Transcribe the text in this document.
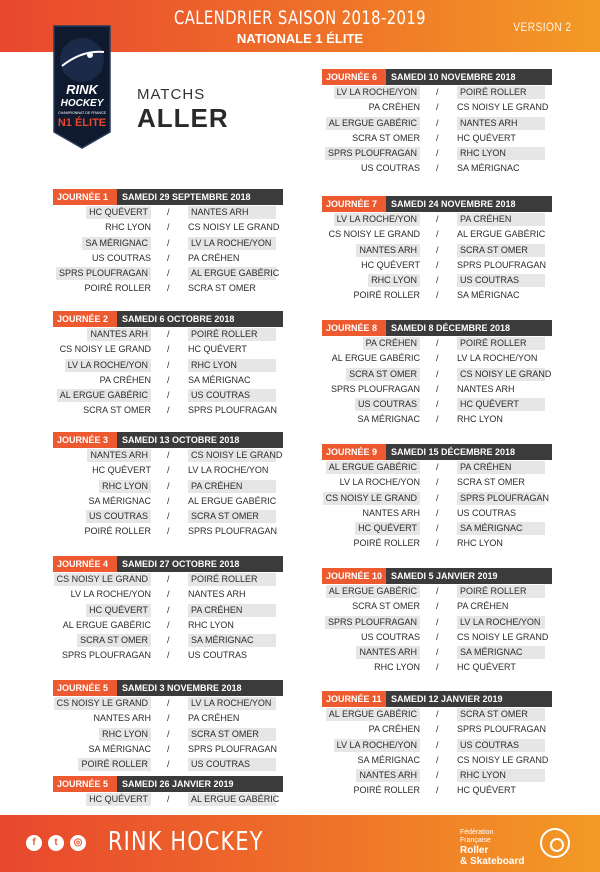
CALENDRIER SAISON 2018-2019
NATIONALE 1 ÉLITE
VERSION 2
RINK
HOCKEY
CHAMPIONNAT DE FRANCE
N1 ÉLITE
MATCHS
ALLER
JOURNÉE 1	SAMEDI 29 SEPTEMBRE 2018
HC QUÉVERT	/	NANTES ARH
RHC LYON / CS NOISY LE GRAND
SA MÉRIGNAC	/	LV LA ROCHE/YON
US COUTRAS / PA CRÉHEN
SPRS PLOUFRAGAN	/	AL ERGUE GABÉRIC
POIRÉ ROLLER / SCRA ST OMER
JOURNÉE 2	SAMEDI 6 OCTOBRE 2018
NANTES ARH	/	POIRÉ ROLLER
CS NOISY LE GRAND / HC QUÉVERT
LV LA ROCHE/YON	/	RHC LYON
PA CRÉHEN / SA MÉRIGNAC
AL ERGUE GABÉRIC	/	US COUTRAS
SCRA ST OMER / SPRS PLOUFRAGAN
JOURNÉE 3	SAMEDI 13 OCTOBRE 2018
NANTES ARH	/	CS NOISY LE GRAND
HC QUÉVERT / LV LA ROCHE/YON
RHC LYON	/	PA CRÉHEN
SA MÉRIGNAC / AL ERGUE GABÉRIC
US COUTRAS	/	SCRA ST OMER
POIRÉ ROLLER / SPRS PLOUFRAGAN
JOURNÉE 4	SAMEDI 27 OCTOBRE 2018
CS NOISY LE GRAND	/	POIRÉ ROLLER
LV LA ROCHE/YON / NANTES ARH
HC QUÉVERT	/	PA CRÉHEN
AL ERGUE GABÉRIC / RHC LYON
SCRA ST OMER	/	SA MÉRIGNAC
SPRS PLOUFRAGAN / US COUTRAS
JOURNÉE 5	SAMEDI 3 NOVEMBRE 2018
CS NOISY LE GRAND	/	LV LA ROCHE/YON
NANTES ARH / PA CRÉHEN
RHC LYON	/	SCRA ST OMER
SA MÉRIGNAC / SPRS PLOUFRAGAN
POIRÉ ROLLER	/	US COUTRAS
JOURNÉE 5	SAMEDI 26 JANVIER 2019
HC QUÉVERT	/	AL ERGUE GABÉRIC
JOURNÉE 6	SAMEDI 10 NOVEMBRE 2018
LV LA ROCHE/YON	/	POIRÉ ROLLER
PA CRÉHEN / CS NOISY LE GRAND
AL ERGUE GABÉRIC	/	NANTES ARH
SCRA ST OMER / HC QUÉVERT
SPRS PLOUFRAGAN	/	RHC LYON
US COUTRAS / SA MÉRIGNAC
JOURNÉE 7	SAMEDI 24 NOVEMBRE 2018
LV LA ROCHE/YON	/	PA CRÉHEN
CS NOISY LE GRAND / AL ERGUE GABÉRIC
NANTES ARH	/	SCRA ST OMER
HC QUÉVERT / SPRS PLOUFRAGAN
RHC LYON	/	US COUTRAS
POIRÉ ROLLER / SA MÉRIGNAC
JOURNÉE 8	SAMEDI 8 DÉCEMBRE 2018
PA CRÉHEN	/	POIRÉ ROLLER
AL ERGUE GABÉRIC / LV LA ROCHE/YON
SCRA ST OMER	/	CS NOISY LE GRAND
SPRS PLOUFRAGAN / NANTES ARH
US COUTRAS	/	HC QUÉVERT
SA MÉRIGNAC / RHC LYON
JOURNÉE 9	SAMEDI 15 DÉCEMBRE 2018
AL ERGUE GABÉRIC	/	PA CRÉHEN
LV LA ROCHE/YON / SCRA ST OMER
CS NOISY LE GRAND	/	SPRS PLOUFRAGAN
NANTES ARH / US COUTRAS
HC QUÉVERT	/	SA MÉRIGNAC
POIRÉ ROLLER / RHC LYON
JOURNÉE 10 SAMEDI 5 JANVIER 2019
AL ERGUE GABÉRIC	/	POIRÉ ROLLER
SCRA ST OMER / PA CRÉHEN
SPRS PLOUFRAGAN	/	LV LA ROCHE/YON
US COUTRAS / CS NOISY LE GRAND
NANTES ARH	/	SA MÉRIGNAC
RHC LYON / HC QUÉVERT
JOURNÉE 11	SAMEDI 12 JANVIER 2019
AL ERGUE GABÉRIC	/	SCRA ST OMER
PA CRÉHEN / SPRS PLOUFRAGAN
LV LA ROCHE/YON	/	US COUTRAS
SA MÉRIGNAC / CS NOISY LE GRAND
NANTES ARH	/	RHC LYON
POIRÉ ROLLER / HC QUÉVERT
f	t	◎ RINK HOCKEY	Fédération
Française
Roller
& Skateboard
